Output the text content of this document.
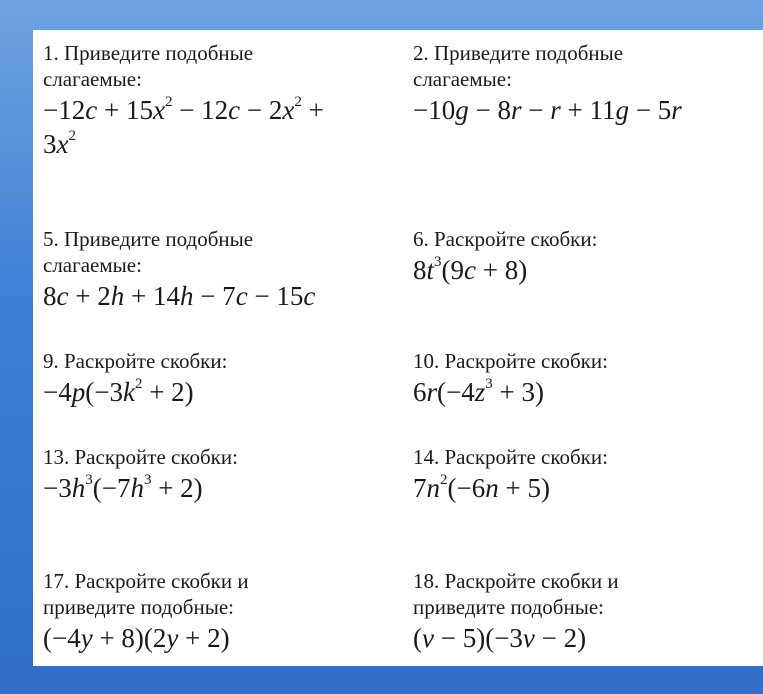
1. Приведите подобные
слагаемые:
$-12c + 15x^2 - 12c - 2x^2$ +
$3x^2$
2. Приведите подобные
слагаемые:
−10g − 8r − r + 11g − 5r
5. Приведите подобные
слагаемые:
8c + 2h + 14h − 7c − 15c
6. Раскройте скобки:
$8t^3(9c + 8)$
9. Раскройте скобки:
$-4p(-3k^2 + 2)$
10. Раскройте скобки:
$6r(-4z^3 + 3)$
13. Раскройте скобки:
$-3h^3(-7h^3 + 2)$
14. Раскройте скобки:
$7n^2(-6n + 5)$
17. Раскройте скобки и
приведите подобные:
(−4y + 8)(2y + 2)
18. Раскройте скобки и
приведите подобные:
(v − 5)(−3v − 2)
